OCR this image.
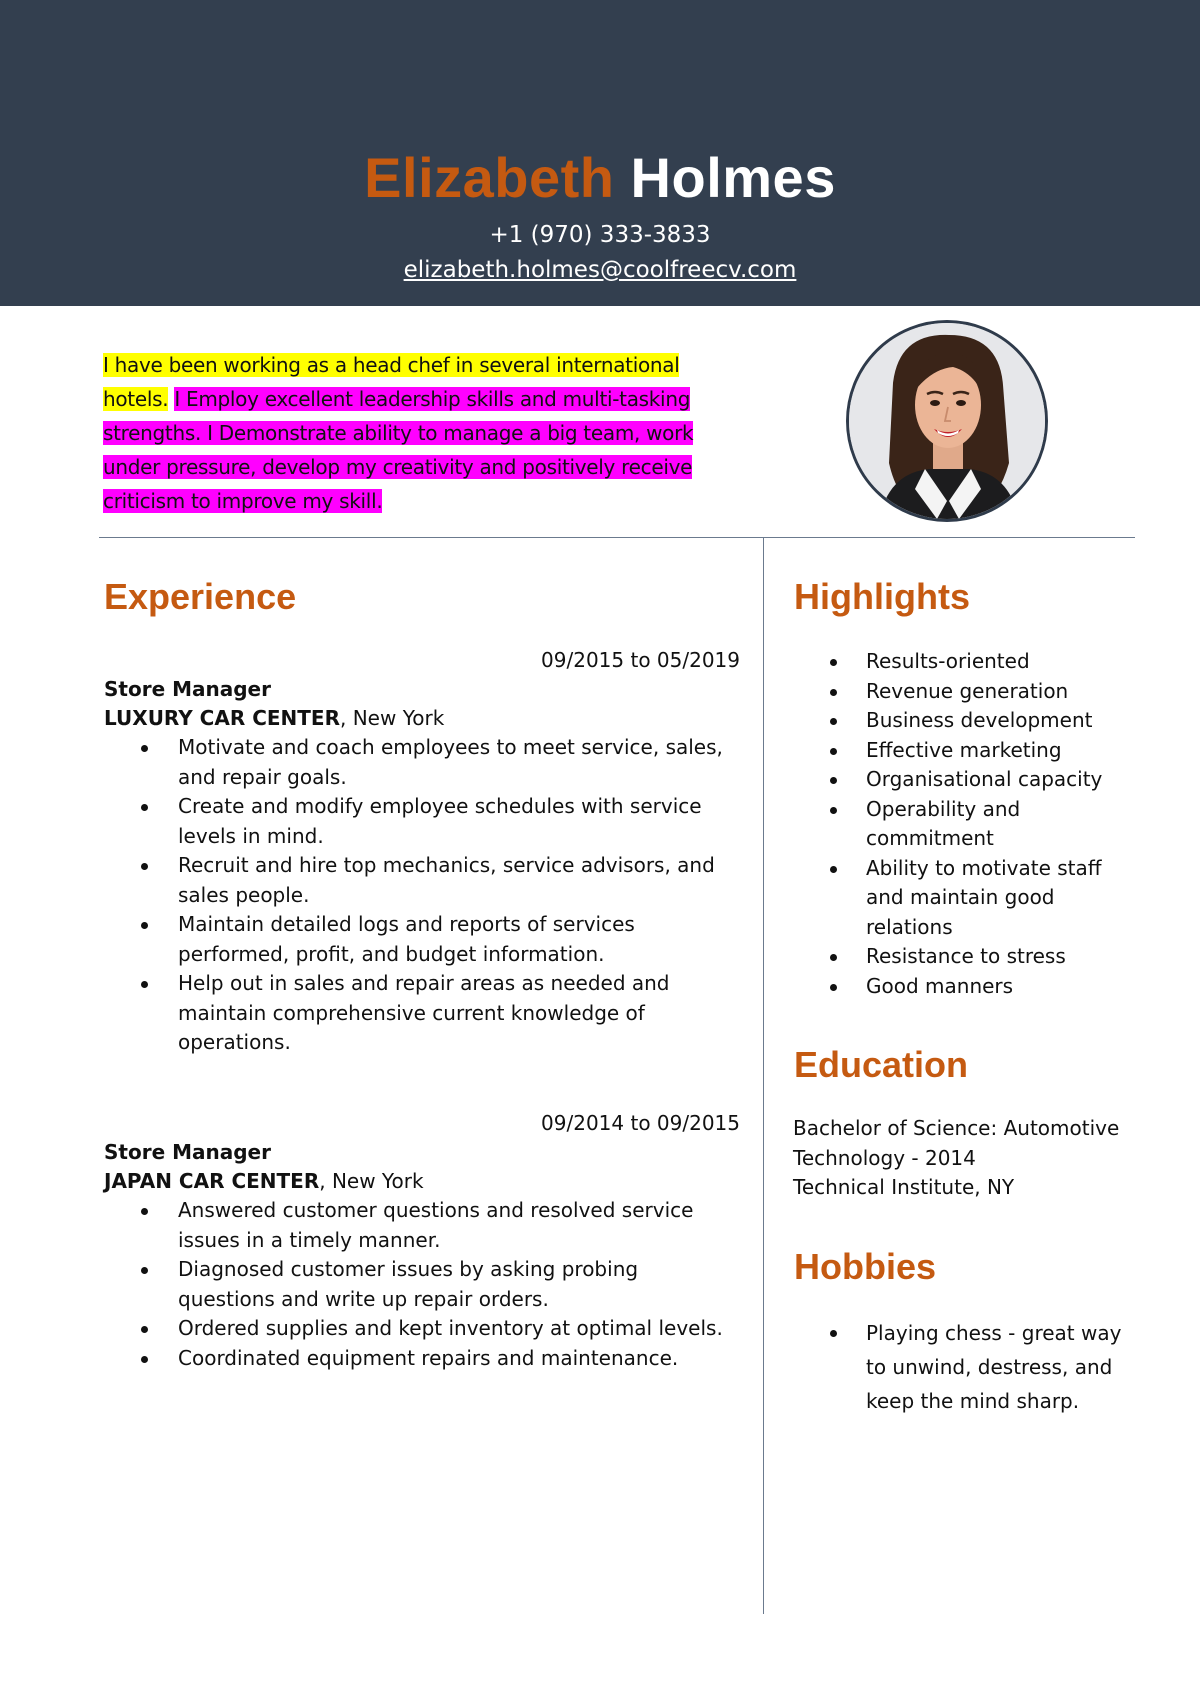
Elizabeth Holmes
+1 (970) 333-3833
elizabeth.holmes@coolfreecv.com
I have been working as a head chef in several international hotels. I Employ excellent leadership skills and multi-tasking strengths. I Demonstrate ability to manage a big team, work under pressure, develop my creativity and positively receive criticism to improve my skill.
Experience
09/2015 to 05/2019
Store Manager
LUXURY CAR CENTER, New York
Motivate and coach employees to meet service, sales, and repair goals.
Create and modify employee schedules with service levels in mind.
Recruit and hire top mechanics, service advisors, and sales people.
Maintain detailed logs and reports of services performed, profit, and budget information.
Help out in sales and repair areas as needed and maintain comprehensive current knowledge of operations.
09/2014 to 09/2015
Store Manager
JAPAN CAR CENTER, New York
Answered customer questions and resolved service issues in a timely manner.
Diagnosed customer issues by asking probing questions and write up repair orders.
Ordered supplies and kept inventory at optimal levels.
Coordinated equipment repairs and maintenance.
Highlights
Results-oriented
Revenue generation
Business development
Effective marketing
Organisational capacity
Operability and commitment
Ability to motivate staff and maintain good relations
Resistance to stress
Good manners
Education
Bachelor of Science: Automotive Technology - 2014
Technical Institute, NY
Hobbies
Playing chess - great way to unwind, destress, and keep the mind sharp.
